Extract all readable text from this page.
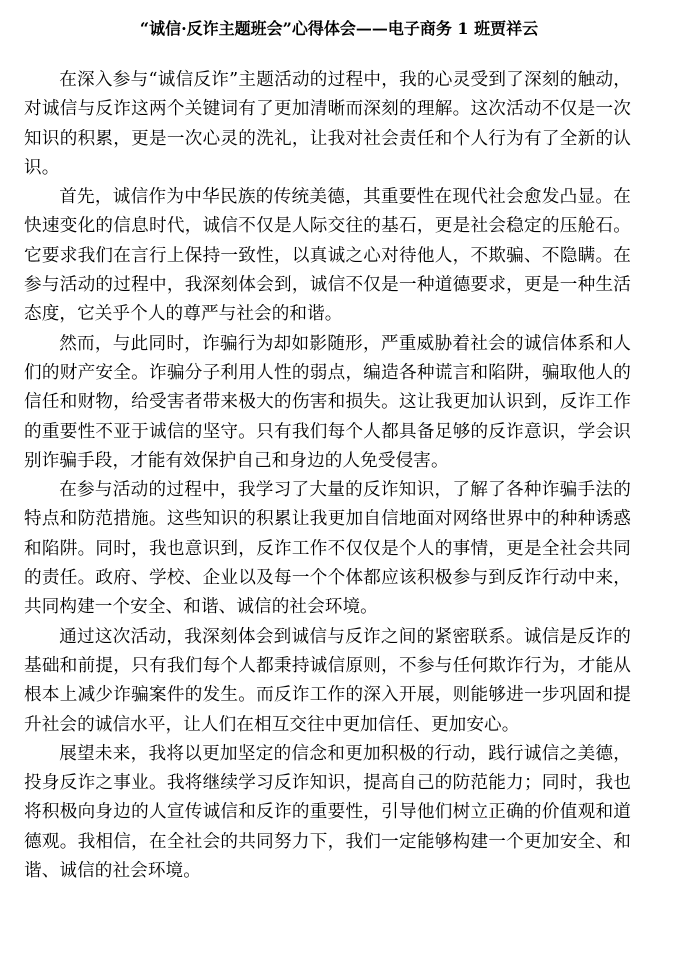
“诚信·反诈主题班会”心得体会——电子商务 1 班贾祥云

在深入参与“诚信反诈”主题活动的过程中，我的心灵受到了深刻的触动，对诚信与反诈这两个关键词有了更加清晰而深刻的理解。这次活动不仅是一次知识的积累，更是一次心灵的洗礼，让我对社会责任和个人行为有了全新的认识。

首先，诚信作为中华民族的传统美德，其重要性在现代社会愈发凸显。在快速变化的信息时代，诚信不仅是人际交往的基石，更是社会稳定的压舱石。它要求我们在言行上保持一致性，以真诚之心对待他人，不欺骗、不隐瞒。在参与活动的过程中，我深刻体会到，诚信不仅是一种道德要求，更是一种生活态度，它关乎个人的尊严与社会的和谐。

然而，与此同时，诈骗行为却如影随形，严重威胁着社会的诚信体系和人们的财产安全。诈骗分子利用人性的弱点，编造各种谎言和陷阱，骗取他人的信任和财物，给受害者带来极大的伤害和损失。这让我更加认识到，反诈工作的重要性不亚于诚信的坚守。只有我们每个人都具备足够的反诈意识，学会识别诈骗手段，才能有效保护自己和身边的人免受侵害。

在参与活动的过程中，我学习了大量的反诈知识，了解了各种诈骗手法的特点和防范措施。这些知识的积累让我更加自信地面对网络世界中的种种诱惑和陷阱。同时，我也意识到，反诈工作不仅仅是个人的事情，更是全社会共同的责任。政府、学校、企业以及每一个个体都应该积极参与到反诈行动中来，共同构建一个安全、和谐、诚信的社会环境。

通过这次活动，我深刻体会到诚信与反诈之间的紧密联系。诚信是反诈的基础和前提，只有我们每个人都秉持诚信原则，不参与任何欺诈行为，才能从根本上减少诈骗案件的发生。而反诈工作的深入开展，则能够进一步巩固和提升社会的诚信水平，让人们在相互交往中更加信任、更加安心。

展望未来，我将以更加坚定的信念和更加积极的行动，践行诚信之美德，投身反诈之事业。我将继续学习反诈知识，提高自己的防范能力；同时，我也将积极向身边的人宣传诚信和反诈的重要性，引导他们树立正确的价值观和道德观。我相信，在全社会的共同努力下，我们一定能够构建一个更加安全、和谐、诚信的社会环境。
